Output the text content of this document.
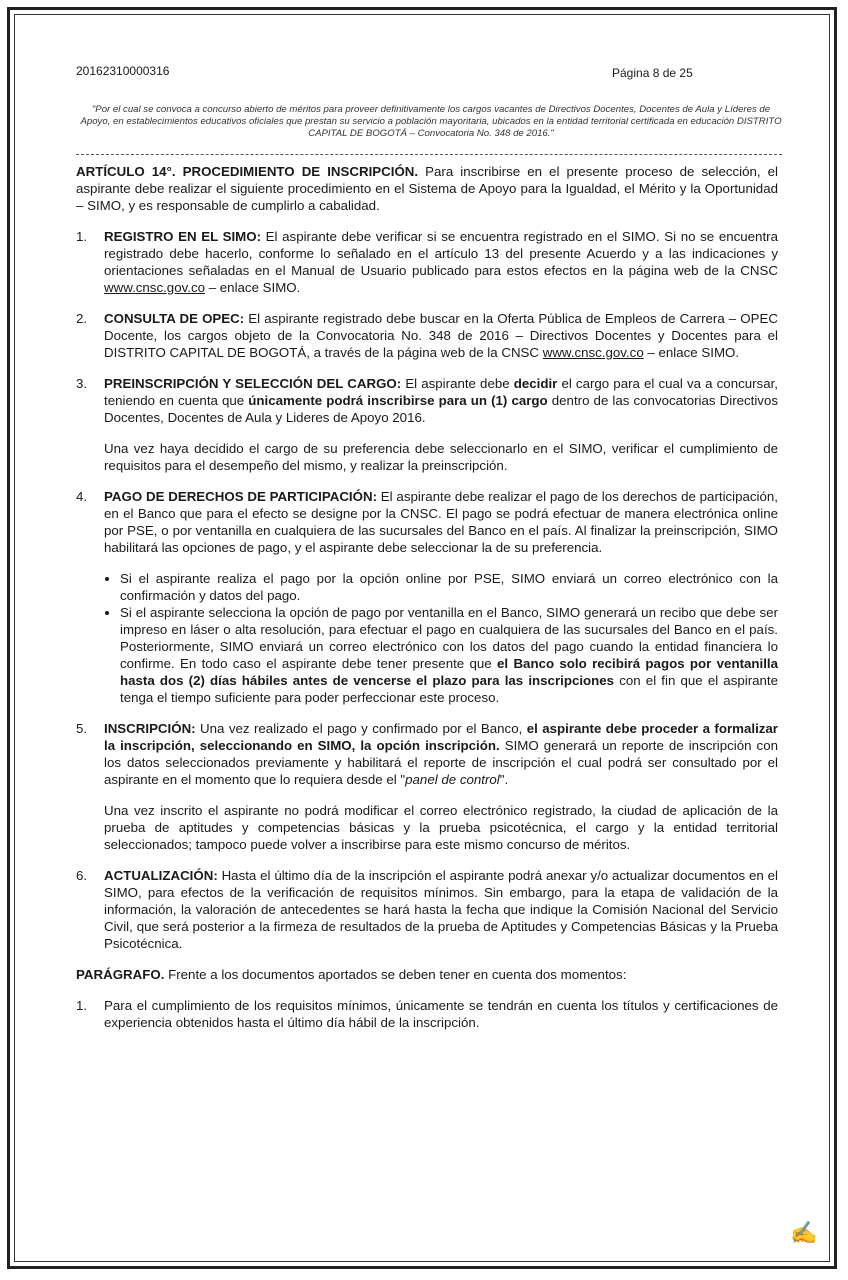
20162310000316	Página 8 de 25
"Por el cual se convoca a concurso abierto de méritos para proveer definitivamente los cargos vacantes de Directivos Docentes, Docentes de Aula y Líderes de Apoyo, en establecimientos educativos oficiales que prestan su servicio a población mayoritaria, ubicados en la entidad territorial certificada en educación DISTRITO CAPITAL DE BOGOTÁ – Convocatoria No. 348 de 2016."

ARTÍCULO 14°. PROCEDIMIENTO DE INSCRIPCIÓN. Para inscribirse en el presente proceso de selección, el aspirante debe realizar el siguiente procedimiento en el Sistema de Apoyo para la Igualdad, el Mérito y la Oportunidad – SIMO, y es responsable de cumplirlo a cabalidad.

1. REGISTRO EN EL SIMO: El aspirante debe verificar si se encuentra registrado en el SIMO. Si no se encuentra registrado debe hacerlo, conforme lo señalado en el artículo 13 del presente Acuerdo y a las indicaciones y orientaciones señaladas en el Manual de Usuario publicado para estos efectos en la página web de la CNSC www.cnsc.gov.co – enlace SIMO.

2. CONSULTA DE OPEC: El aspirante registrado debe buscar en la Oferta Pública de Empleos de Carrera – OPEC Docente, los cargos objeto de la Convocatoria No. 348 de 2016 – Directivos Docentes y Docentes para el DISTRITO CAPITAL DE BOGOTÁ, a través de la página web de la CNSC www.cnsc.gov.co – enlace SIMO.

3. PREINSCRIPCIÓN Y SELECCIÓN DEL CARGO: El aspirante debe decidir el cargo para el cual va a concursar, teniendo en cuenta que únicamente podrá inscribirse para un (1) cargo dentro de las convocatorias Directivos Docentes, Docentes de Aula y Lideres de Apoyo 2016.

Una vez haya decidido el cargo de su preferencia debe seleccionarlo en el SIMO, verificar el cumplimiento de requisitos para el desempeño del mismo, y realizar la preinscripción.

4. PAGO DE DERECHOS DE PARTICIPACIÓN: El aspirante debe realizar el pago de los derechos de participación, en el Banco que para el efecto se designe por la CNSC. El pago se podrá efectuar de manera electrónica online por PSE, o por ventanilla en cualquiera de las sucursales del Banco en el país. Al finalizar la preinscripción, SIMO habilitará las opciones de pago, y el aspirante debe seleccionar la de su preferencia.

• Si el aspirante realiza el pago por la opción online por PSE, SIMO enviará un correo electrónico con la confirmación y datos del pago.
• Si el aspirante selecciona la opción de pago por ventanilla en el Banco, SIMO generará un recibo que debe ser impreso en láser o alta resolución, para efectuar el pago en cualquiera de las sucursales del Banco en el país. Posteriormente, SIMO enviará un correo electrónico con los datos del pago cuando la entidad financiera lo confirme. En todo caso el aspirante debe tener presente que el Banco solo recibirá pagos por ventanilla hasta dos (2) días hábiles antes de vencerse el plazo para las inscripciones con el fin que el aspirante tenga el tiempo suficiente para poder perfeccionar este proceso.

5. INSCRIPCIÓN: Una vez realizado el pago y confirmado por el Banco, el aspirante debe proceder a formalizar la inscripción, seleccionando en SIMO, la opción inscripción. SIMO generará un reporte de inscripción con los datos seleccionados previamente y habilitará el reporte de inscripción el cual podrá ser consultado por el aspirante en el momento que lo requiera desde el "panel de control".

Una vez inscrito el aspirante no podrá modificar el correo electrónico registrado, la ciudad de aplicación de la prueba de aptitudes y competencias básicas y la prueba psicotécnica, el cargo y la entidad territorial seleccionados; tampoco puede volver a inscribirse para este mismo concurso de méritos.

6. ACTUALIZACIÓN: Hasta el último día de la inscripción el aspirante podrá anexar y/o actualizar documentos en el SIMO, para efectos de la verificación de requisitos mínimos. Sin embargo, para la etapa de validación de la información, la valoración de antecedentes se hará hasta la fecha que indique la Comisión Nacional del Servicio Civil, que será posterior a la firmeza de resultados de la prueba de Aptitudes y Competencias Básicas y la Prueba Psicotécnica.

PARÁGRAFO. Frente a los documentos aportados se deben tener en cuenta dos momentos:

1. Para el cumplimiento de los requisitos mínimos, únicamente se tendrán en cuenta los títulos y certificaciones de experiencia obtenidos hasta el último día hábil de la inscripción.

✍
